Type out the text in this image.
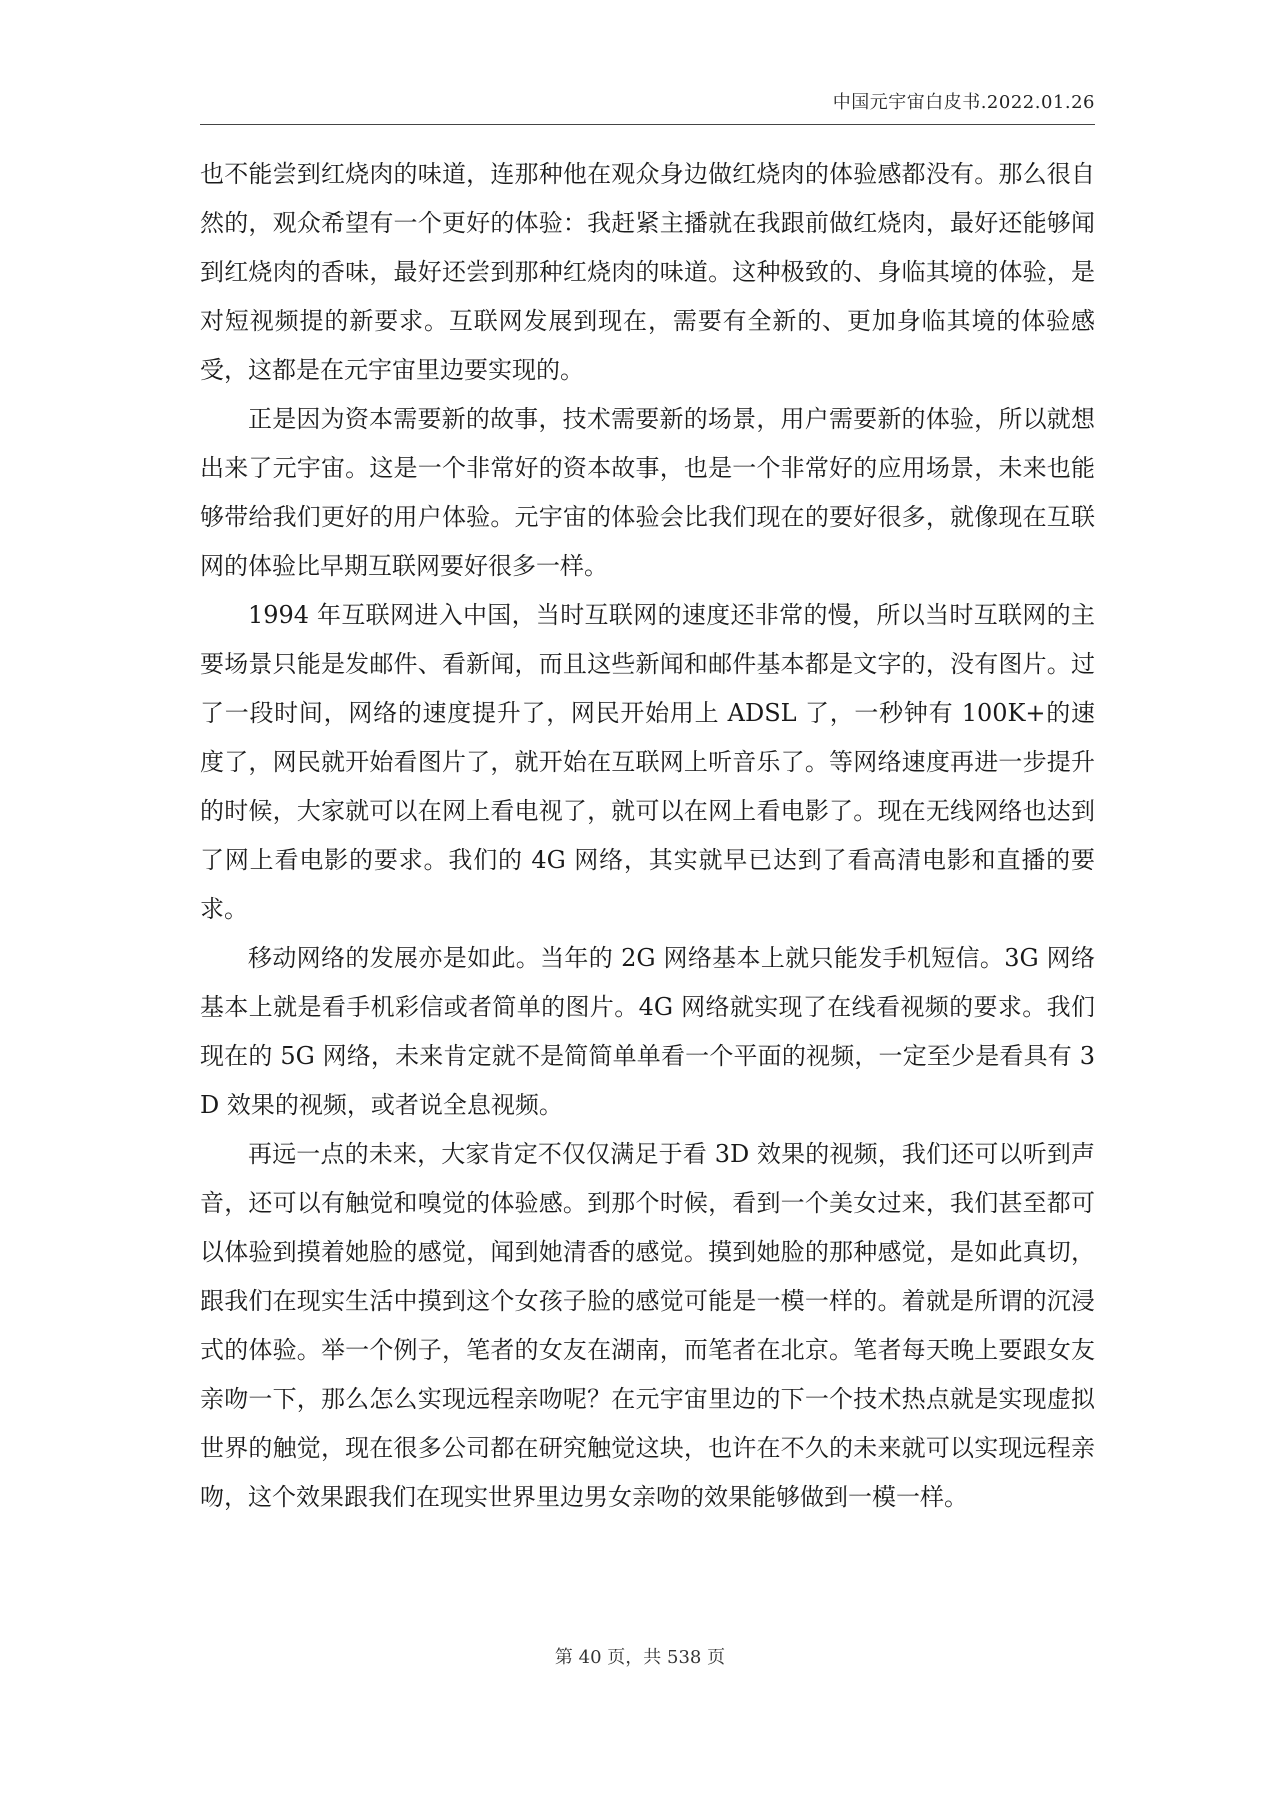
中国元宇宙白皮书.2022.01.26

也不能尝到红烧肉的味道，连那种他在观众身边做红烧肉的体验感都没有。那么很自然的，观众希望有一个更好的体验：我赶紧主播就在我跟前做红烧肉，最好还能够闻到红烧肉的香味，最好还尝到那种红烧肉的味道。这种极致的、身临其境的体验，是对短视频提的新要求。互联网发展到现在，需要有全新的、更加身临其境的体验感受，这都是在元宇宙里边要实现的。

正是因为资本需要新的故事，技术需要新的场景，用户需要新的体验，所以就想出来了元宇宙。这是一个非常好的资本故事，也是一个非常好的应用场景，未来也能够带给我们更好的用户体验。元宇宙的体验会比我们现在的要好很多，就像现在互联网的体验比早期互联网要好很多一样。

1994 年互联网进入中国，当时互联网的速度还非常的慢，所以当时互联网的主要场景只能是发邮件、看新闻，而且这些新闻和邮件基本都是文字的，没有图片。过了一段时间，网络的速度提升了，网民开始用上 ADSL 了，一秒钟有 100K+的速度了，网民就开始看图片了，就开始在互联网上听音乐了。等网络速度再进一步提升的时候，大家就可以在网上看电视了，就可以在网上看电影了。现在无线网络也达到了网上看电影的要求。我们的 4G 网络，其实就早已达到了看高清电影和直播的要求。

移动网络的发展亦是如此。当年的 2G 网络基本上就只能发手机短信。3G 网络基本上就是看手机彩信或者简单的图片。4G 网络就实现了在线看视频的要求。我们现在的 5G 网络，未来肯定就不是简简单单看一个平面的视频，一定至少是看具有 3D 效果的视频，或者说全息视频。

再远一点的未来，大家肯定不仅仅满足于看 3D 效果的视频，我们还可以听到声音，还可以有触觉和嗅觉的体验感。到那个时候，看到一个美女过来，我们甚至都可以体验到摸着她脸的感觉，闻到她清香的感觉。摸到她脸的那种感觉，是如此真切，跟我们在现实生活中摸到这个女孩子脸的感觉可能是一模一样的。着就是所谓的沉浸式的体验。举一个例子，笔者的女友在湖南，而笔者在北京。笔者每天晚上要跟女友亲吻一下，那么怎么实现远程亲吻呢？在元宇宙里边的下一个技术热点就是实现虚拟世界的触觉，现在很多公司都在研究触觉这块，也许在不久的未来就可以实现远程亲吻，这个效果跟我们在现实世界里边男女亲吻的效果能够做到一模一样。

第 40 页，共 538 页
